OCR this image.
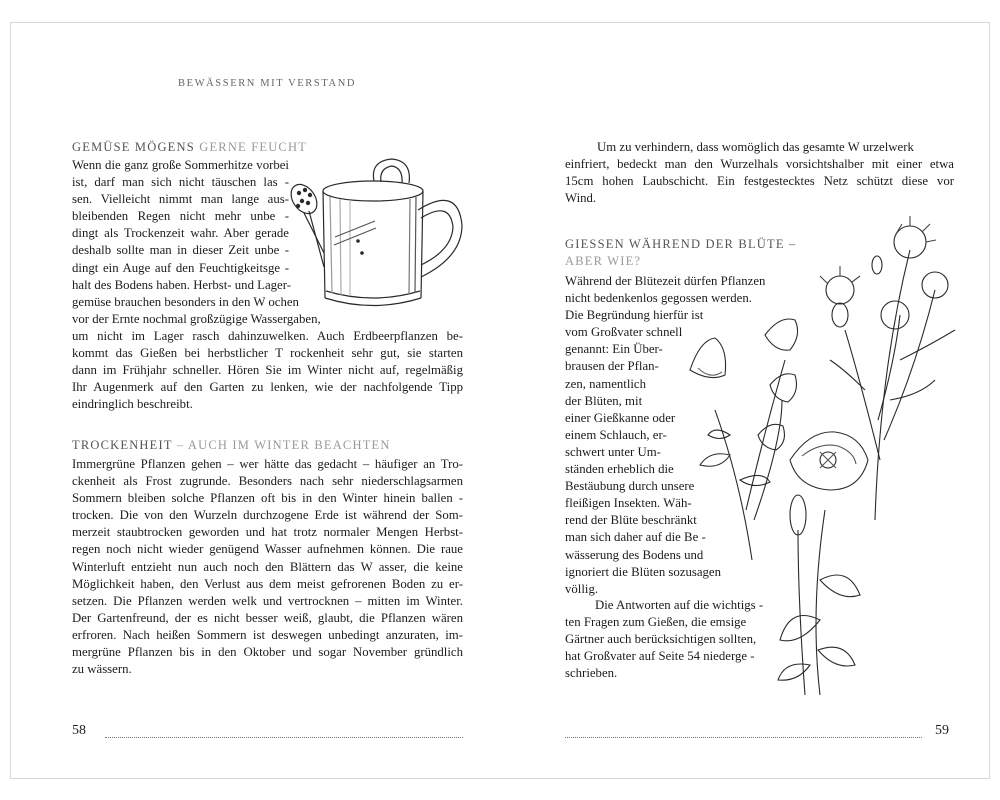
BEWÄSSERN MIT VERSTAND
GEMÜSE MÖGENS GERNE FEUCHT
Wenn die ganz große Sommerhitze vorbei
ist, darf man sich nicht täuschen las -
sen. Vielleicht nimmt man lange aus-
bleibenden Regen nicht mehr unbe -
dingt als Trockenzeit wahr. Aber gerade
deshalb sollte man in dieser Zeit unbe -
dingt ein Auge auf den Feuchtigkeitsge -
halt des Bodens haben. Herbst- und Lager-
gemüse brauchen besonders in den W ochen
vor der Ernte nochmal großzügige Wassergaben,
um nicht im Lager rasch dahinzuwelken. Auch Erdbeerpflanzen be-
kommt das Gießen bei herbstlicher T rockenheit sehr gut, sie starten
dann im Frühjahr schneller. Hören Sie im Winter nicht auf, regelmäßig
Ihr Augenmerk auf den Garten zu lenken, wie der nachfolgende Tipp
eindringlich beschreibt.
TROCKENHEIT – AUCH IM WINTER BEACHTEN
Immergrüne Pflanzen gehen – wer hätte das gedacht – häufiger an Tro-
ckenheit als Frost zugrunde. Besonders nach sehr niederschlagsarmen
Sommern bleiben solche Pflanzen oft bis in den Winter hinein ballen -
trocken. Die von den Wurzeln durchzogene Erde ist während der Som-
merzeit staubtrocken geworden und hat trotz normaler Mengen Herbst-
regen noch nicht wieder genügend Wasser aufnehmen können. Die raue
Winterluft entzieht nun auch noch den Blättern das W asser, die keine
Möglichkeit haben, den Verlust aus dem meist gefrorenen Boden zu er-
setzen. Die Pflanzen werden welk und vertrocknen – mitten im Winter.
Der Gartenfreund, der es nicht besser weiß, glaubt, die Pflanzen wären
erfroren. Nach heißen Sommern ist deswegen unbedingt anzuraten, im-
mergrüne Pflanzen bis in den Oktober und sogar November gründlich
zu wässern.
58
Um zu verhindern, dass womöglich das gesamte W urzelwerk
einfriert, bedeckt man den Wurzelhals vorsichtshalber mit einer etwa
15cm hohen Laubschicht. Ein festgestecktes Netz schützt diese vor
Wind.
GIESSEN WÄHREND DER BLÜTE –
ABER WIE?
Während der Blütezeit dürfen Pflanzen
nicht bedenkenlos gegossen werden.
Die Begründung hierfür ist
vom Großvater schnell
genannt: Ein Über-
brausen der Pflan-
zen, namentlich
der Blüten, mit
einer Gießkanne oder
einem Schlauch, er-
schwert unter Um-
ständen erheblich die
Bestäubung durch unsere
fleißigen Insekten. Wäh-
rend der Blüte beschränkt
man sich daher auf die Be -
wässerung des Bodens und
ignoriert die Blüten sozusagen
völlig.
Die Antworten auf die wichtigs -
ten Fragen zum Gießen, die emsige
Gärtner auch berücksichtigen sollten,
hat Großvater auf Seite 54 niederge -
schrieben.
59
